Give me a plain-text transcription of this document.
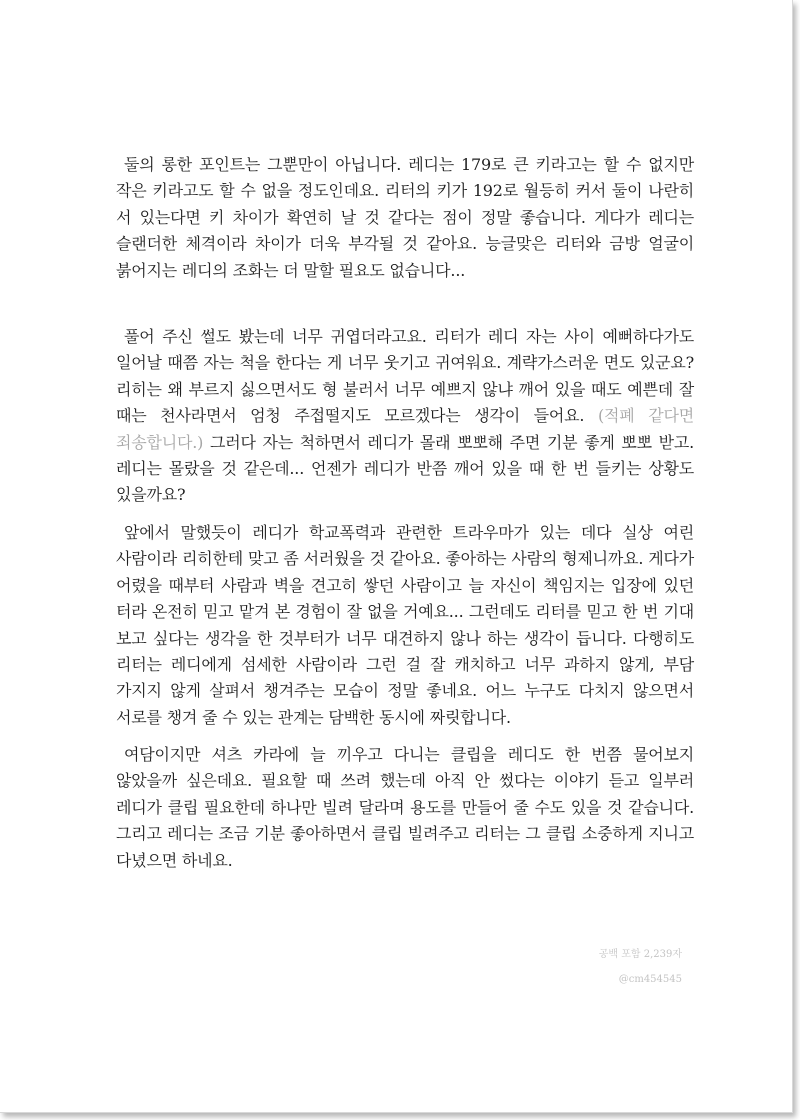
둘의 롱한 포인트는 그뿐만이 아닙니다. 레디는 179로 큰 키라고는 할 수 없지만 작은 키라고도 할 수 없을 정도인데요. 리터의 키가 192로 월등히 커서 둘이 나란히 서 있는다면 키 차이가 확연히 날 것 같다는 점이 정말 좋습니다. 게다가 레디는 슬랜더한 체격이라 차이가 더욱 부각될 것 같아요. 능글맞은 리터와 금방 얼굴이 붉어지는 레디의 조화는 더 말할 필요도 없습니다...

풀어 주신 썰도 봤는데 너무 귀엽더라고요. 리터가 레디 자는 사이 예뻐하다가도 일어날 때쯤 자는 척을 한다는 게 너무 웃기고 귀여워요. 계략가스러운 면도 있군요? 리히는 왜 부르지 싫으면서도 형 불러서 너무 예쁘지 않냐 깨어 있을 때도 예쁜데 잘 때는 천사라면서 엄청 주접떨지도 모르겠다는 생각이 들어요. (적폐 같다면 죄송합니다.) 그러다 자는 척하면서 레디가 몰래 뽀뽀해 주면 기분 좋게 뽀뽀 받고. 레디는 몰랐을 것 같은데... 언젠가 레디가 반쯤 깨어 있을 때 한 번 들키는 상황도 있을까요?

앞에서 말했듯이 레디가 학교폭력과 관련한 트라우마가 있는 데다 실상 여린 사람이라 리히한테 맞고 좀 서러웠을 것 같아요. 좋아하는 사람의 형제니까요. 게다가 어렸을 때부터 사람과 벽을 견고히 쌓던 사람이고 늘 자신이 책임지는 입장에 있던 터라 온전히 믿고 맡겨 본 경험이 잘 없을 거예요... 그런데도 리터를 믿고 한 번 기대 보고 싶다는 생각을 한 것부터가 너무 대견하지 않나 하는 생각이 듭니다. 다행히도 리터는 레디에게 섬세한 사람이라 그런 걸 잘 캐치하고 너무 과하지 않게, 부담 가지지 않게 살펴서 챙겨주는 모습이 정말 좋네요. 어느 누구도 다치지 않으면서 서로를 챙겨 줄 수 있는 관계는 담백한 동시에 짜릿합니다.

여담이지만 셔츠 카라에 늘 끼우고 다니는 클립을 레디도 한 번쯤 물어보지 않았을까 싶은데요. 필요할 때 쓰려 했는데 아직 안 썼다는 이야기 듣고 일부러 레디가 클립 필요한데 하나만 빌려 달라며 용도를 만들어 줄 수도 있을 것 같습니다. 그리고 레디는 조금 기분 좋아하면서 클립 빌려주고 리터는 그 클립 소중하게 지니고 다녔으면 하네요.

공백 포함 2,239자
@cm454545
